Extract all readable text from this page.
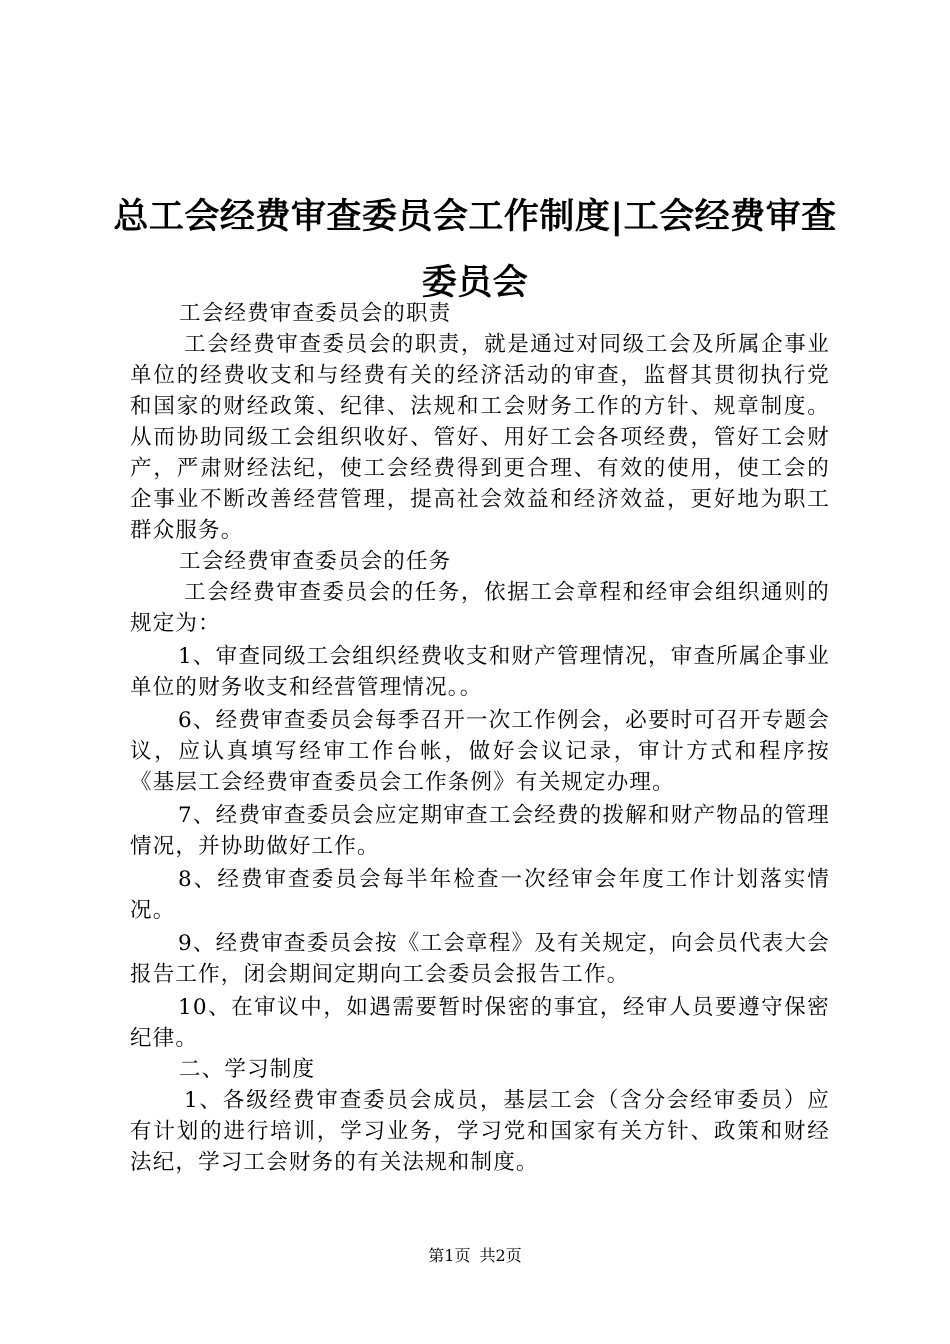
总工会经费审查委员会工作制度|工会经费审查委员会

工会经费审查委员会的职责

工会经费审查委员会的职责，就是通过对同级工会及所属企事业单位的经费收支和与经费有关的经济活动的审查，监督其贯彻执行党和国家的财经政策、纪律、法规和工会财务工作的方针、规章制度。从而协助同级工会组织收好、管好、用好工会各项经费，管好工会财产，严肃财经法纪，使工会经费得到更合理、有效的使用，使工会的企事业不断改善经营管理，提高社会效益和经济效益，更好地为职工群众服务。

工会经费审查委员会的任务

工会经费审查委员会的任务，依据工会章程和经审会组织通则的规定为：

1、审查同级工会组织经费收支和财产管理情况，审查所属企事业单位的财务收支和经营管理情况。。

6、经费审查委员会每季召开一次工作例会，必要时可召开专题会议，应认真填写经审工作台帐，做好会议记录，审计方式和程序按《基层工会经费审查委员会工作条例》有关规定办理。

7、经费审查委员会应定期审查工会经费的拨解和财产物品的管理情况，并协助做好工作。

8、经费审查委员会每半年检查一次经审会年度工作计划落实情况。

9、经费审查委员会按《工会章程》及有关规定，向会员代表大会报告工作，闭会期间定期向工会委员会报告工作。

10、在审议中，如遇需要暂时保密的事宜，经审人员要遵守保密纪律。

二、学习制度

1、各级经费审查委员会成员，基层工会（含分会经审委员）应有计划的进行培训，学习业务，学习党和国家有关方针、政策和财经法纪，学习工会财务的有关法规和制度。

第1页 共2页
